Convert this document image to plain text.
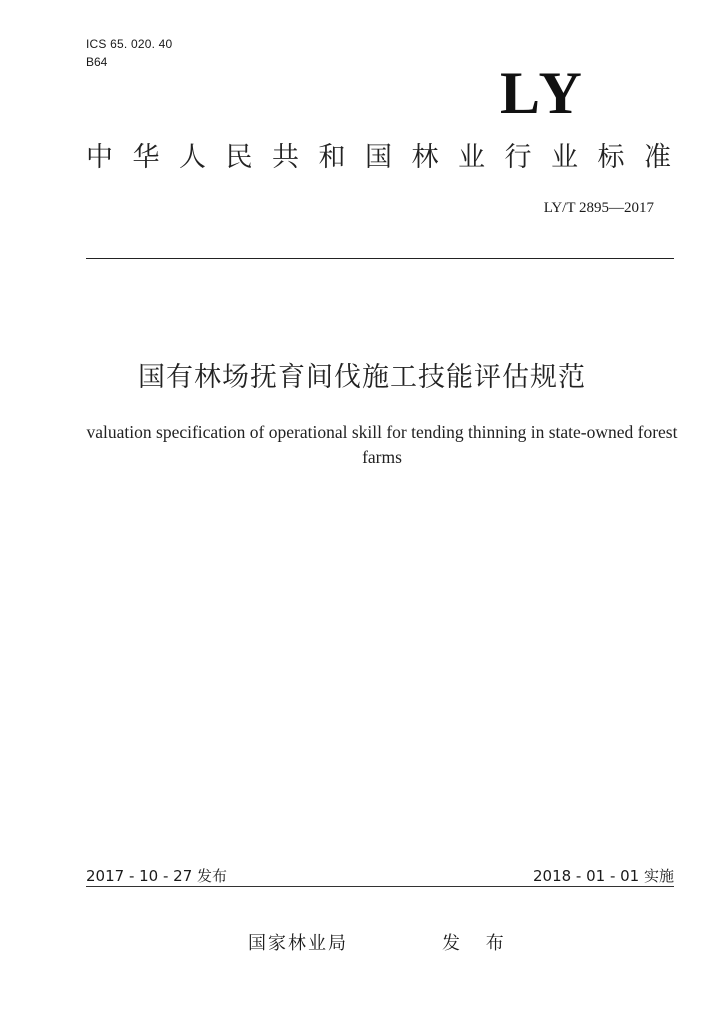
ICS 65. 020. 40
B64	LY
中华人民共和国林业行业标准
LY/T 2895—2017
国有林场抚育间伐施工技能评估规范
valuation specification of operational skill for tending thinning in state-owned forest farms
2017 - 10 - 27 发布	2018 - 01 - 01 实施
国家林业局	发 布
